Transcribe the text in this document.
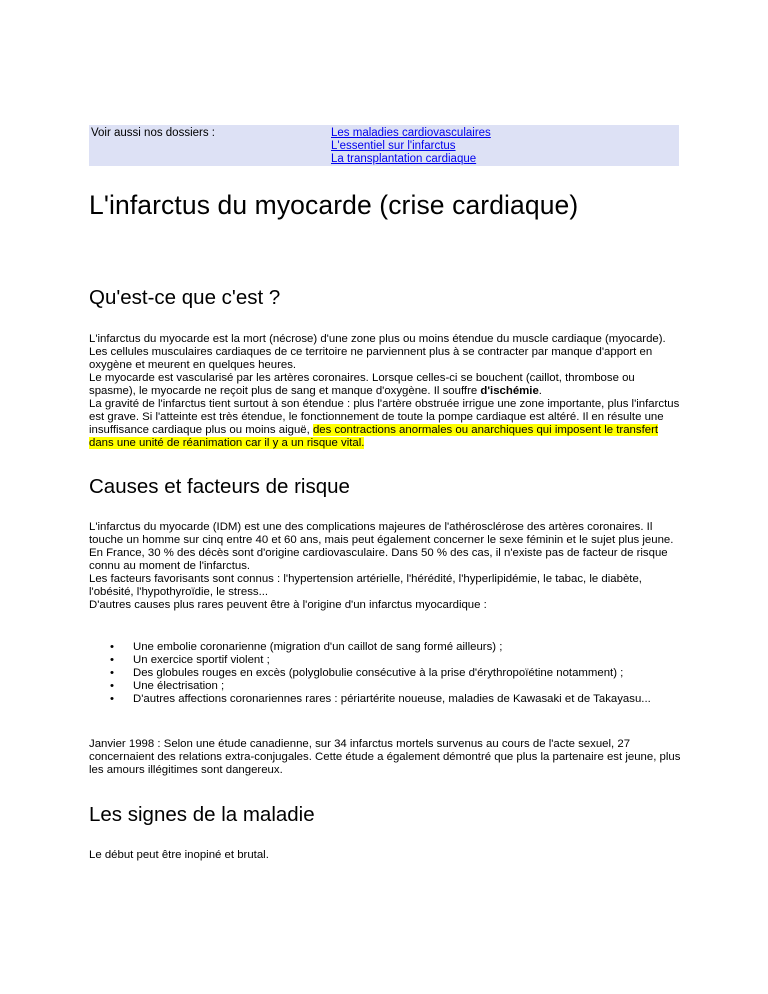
Voir aussi nos dossiers :	Les maladies cardiovasculaires
L'essentiel sur l'infarctus
La transplantation cardiaque
L'infarctus du myocarde (crise cardiaque)
Qu'est-ce que c'est ?

L'infarctus du myocarde est la mort (nécrose) d'une zone plus ou moins étendue du muscle cardiaque (myocarde). Les cellules musculaires cardiaques de ce territoire ne parviennent plus à se contracter par manque d'apport en oxygène et meurent en quelques heures.
Le myocarde est vascularisé par les artères coronaires. Lorsque celles-ci se bouchent (caillot, thrombose ou spasme), le myocarde ne reçoit plus de sang et manque d'oxygène. Il souffre d'ischémie.
La gravité de l'infarctus tient surtout à son étendue : plus l'artère obstruée irrigue une zone importante, plus l'infarctus est grave. Si l'atteinte est très étendue, le fonctionnement de toute la pompe cardiaque est altéré. Il en résulte une insuffisance cardiaque plus ou moins aiguë, des contractions anormales ou anarchiques qui imposent le transfert dans une unité de réanimation car il y a un risque vital.

Causes et facteurs de risque

L'infarctus du myocarde (IDM) est une des complications majeures de l'athérosclérose des artères coronaires. Il touche un homme sur cinq entre 40 et 60 ans, mais peut également concerner le sexe féminin et le sujet plus jeune.
En France, 30 % des décès sont d'origine cardiovasculaire. Dans 50 % des cas, il n'existe pas de facteur de risque connu au moment de l'infarctus.
Les facteurs favorisants sont connus : l'hypertension artérielle, l'hérédité, l'hyperlipidémie, le tabac, le diabète, l'obésité, l'hypothyroïdie, le stress...
D'autres causes plus rares peuvent être à l'origine d'un infarctus myocardique :

• Une embolie coronarienne (migration d'un caillot de sang formé ailleurs) ;
• Un exercice sportif violent ;
• Des globules rouges en excès (polyglobulie consécutive à la prise d'érythropoïétine notamment) ;
• Une électrisation ;
• D'autres affections coronariennes rares : périartérite noueuse, maladies de Kawasaki et de Takayasu...

Janvier 1998 : Selon une étude canadienne, sur 34 infarctus mortels survenus au cours de l'acte sexuel, 27 concernaient des relations extra-conjugales. Cette étude a également démontré que plus la partenaire est jeune, plus les amours illégitimes sont dangereux.

Les signes de la maladie

Le début peut être inopiné et brutal.
